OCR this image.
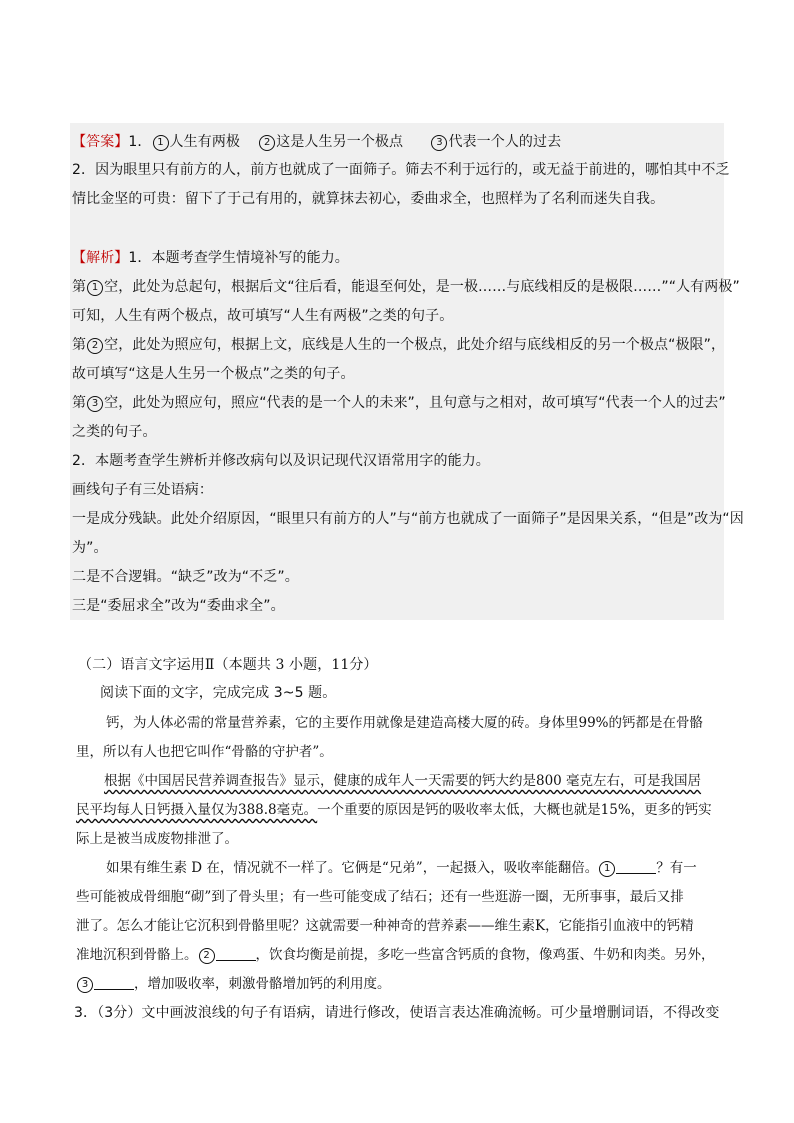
【答案】1． 1 人生有两极 2 这是人生另一个极点	3 代表一个人的过去
2．因为眼里只有前方的人，前方也就成了一面筛子。筛去不利于远行的，或无益于前进的，哪怕其中不乏
情比金坚的可贵：留下了于己有用的，就算抹去初心，委曲求全，也照样为了名利而迷失自我。
【解析】1．本题考查学生情境补写的能力。
第 1 空，此处为总起句，根据后文“往后看，能退至何处，是一极……与底线相反的是极限……”“人有两极”
可知，人生有两个极点，故可填写“人生有两极”之类的句子。
第 2 空，此处为照应句，根据上文，底线是人生的一个极点，此处介绍与底线相反的另一个极点“极限”，
故可填写“这是人生另一个极点”之类的句子。
第 3 空，此处为照应句，照应“代表的是一个人的未来”，且句意与之相对，故可填写“代表一个人的过去”
之类的句子。
2．本题考查学生辨析并修改病句以及识记现代汉语常用字的能力。
画线句子有三处语病：
一是成分残缺。此处介绍原因，“眼里只有前方的人”与“前方也就成了一面筛子”是因果关系，“但是”改为“因
为”。
二是不合逻辑。“缺乏”改为“不乏”。
三是“委屈求全”改为“委曲求全”。
（二）语言文字运用Ⅱ（本题共 3 小题，11分）
阅读下面的文字，完成完成 3~5 题。
钙，为人体必需的常量营养素，它的主要作用就像是建造高楼大厦的砖。身体里99%的钙都是在骨骼
里，所以有人也把它叫作“骨骼的守护者”。
根据《中国居民营养调查报告》显示，健康的成年人一天需要的钙大约是800 毫克左右，可是我国居
民平均每人日钙摄入量仅为388.8毫克。一个重要的原因是钙的吸收率太低，大概也就是15%，更多的钙实
际上是被当成废物排泄了。
如果有维生素 D 在，情况就不一样了。它俩是“兄弟”，一起摄入，吸收率能翻倍。 1	？有一
些可能被成骨细胞“砌”到了骨头里；有一些可能变成了结石；还有一些逛游一圈，无所事事，最后又排
泄了。怎么才能让它沉积到骨骼里呢？这就需要一种神奇的营养素——维生素K，它能指引血液中的钙精
准地沉积到骨骼上。 2	，饮食均衡是前提，多吃一些富含钙质的食物，像鸡蛋、牛奶和肉类。另外，
3	，增加吸收率，刺激骨骼增加钙的利用度。
3．（3分）文中画波浪线的句子有语病，请进行修改，使语言表达准确流畅。可少量增删词语，不得改变
